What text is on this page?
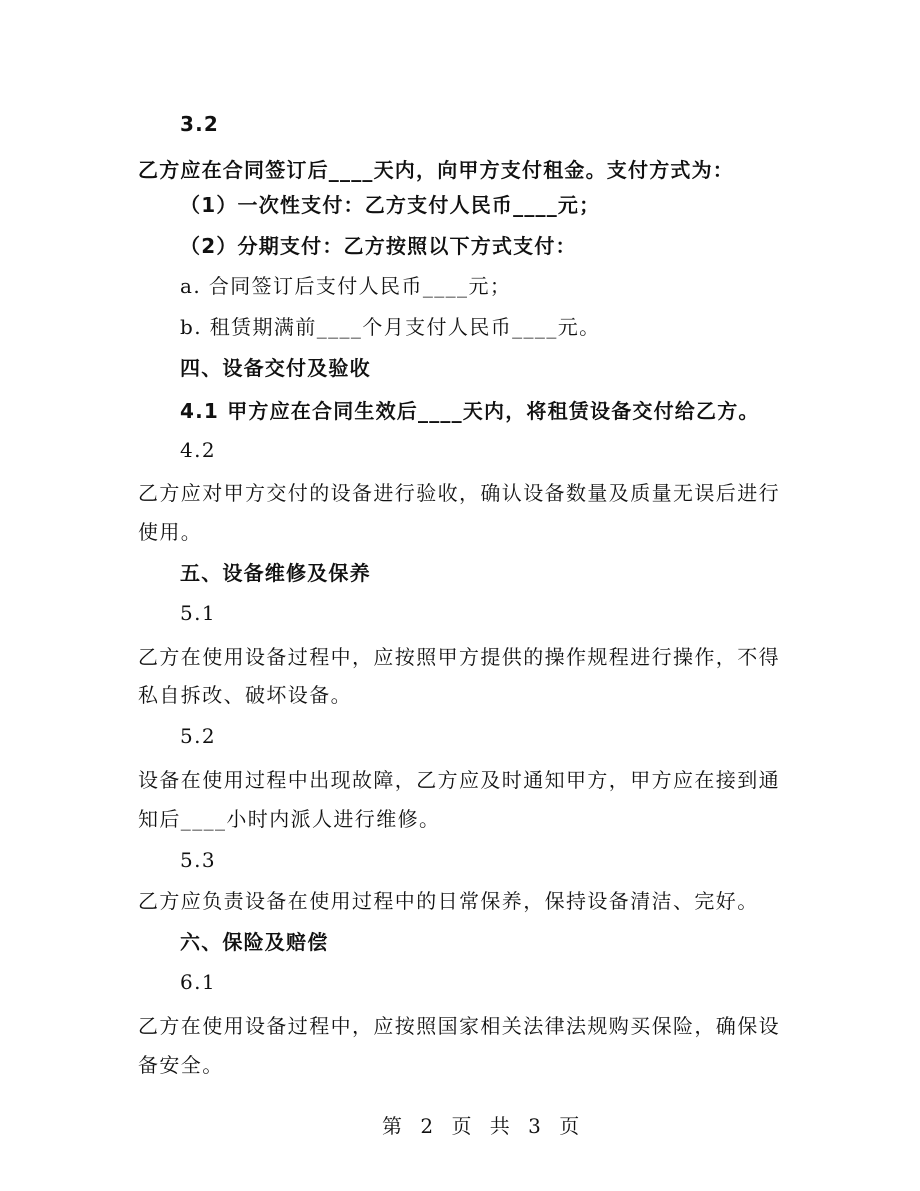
3.2
乙方应在合同签订后____天内，向甲方支付租金。支付方式为：
（1）一次性支付：乙方支付人民币____元；
（2）分期支付：乙方按照以下方式支付：
a. 合同签订后支付人民币____元；
b. 租赁期满前____个月支付人民币____元。
四、设备交付及验收
4.1 甲方应在合同生效后____天内，将租赁设备交付给乙方。
4.2
乙方应对甲方交付的设备进行验收，确认设备数量及质量无误后进行
使用。
五、设备维修及保养
5.1
乙方在使用设备过程中，应按照甲方提供的操作规程进行操作，不得
私自拆改、破坏设备。
5.2
设备在使用过程中出现故障，乙方应及时通知甲方，甲方应在接到通
知后____小时内派人进行维修。
5.3
乙方应负责设备在使用过程中的日常保养，保持设备清洁、完好。
六、保险及赔偿
6.1
乙方在使用设备过程中，应按照国家相关法律法规购买保险，确保设
备安全。
第 2 页 共 3 页
